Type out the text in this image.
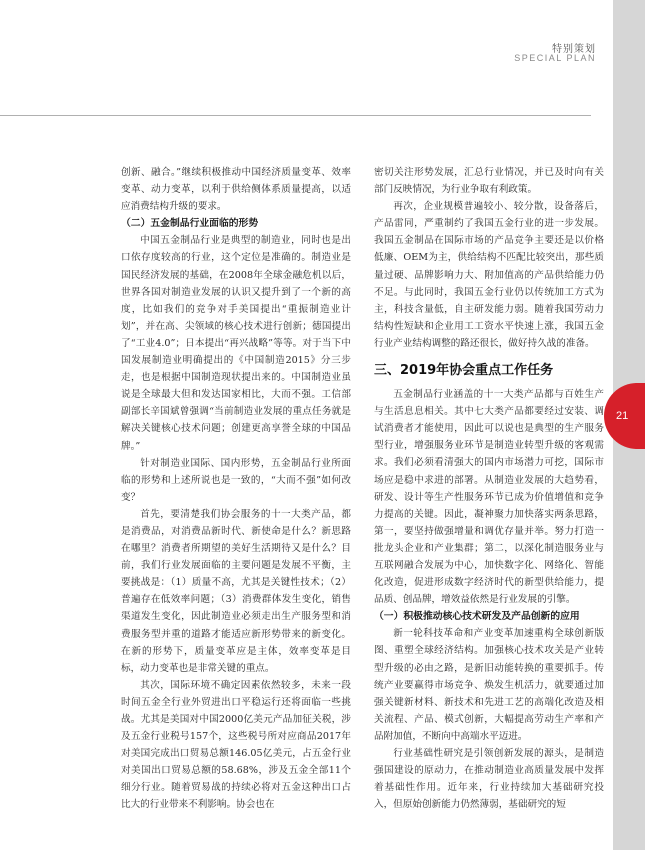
特别策划
SPECIAL PLAN
21

创新、融合。”继续积极推动中国经济质量变革、效率变革、动力变革，以利于供给侧体系质量提高，以适应消费结构升级的要求。

（二）五金制品行业面临的形势

中国五金制品行业是典型的制造业，同时也是出口依存度较高的行业，这个定位是准确的。制造业是国民经济发展的基础，在2008年全球金融危机以后，世界各国对制造业发展的认识又提升到了一个新的高度，比如我们的竞争对手美国提出“重振制造业计划”，并在高、尖领域的核心技术进行创新；德国提出了“工业4.0”；日本提出“再兴战略”等等。对于当下中国发展制造业明确提出的《中国制造2015》分三步走，也是根据中国制造现状提出来的。中国制造业虽说是全球最大但和发达国家相比，大而不强。工信部副部长辛国斌曾强调“当前制造业发展的重点任务就是解决关键核心技术问题；创建更高享誉全球的中国品牌。”

针对制造业国际、国内形势，五金制品行业所面临的形势和上述所说也是一致的，“大而不强”如何改变？

首先，要清楚我们协会服务的十一大类产品，都是消费品，对消费品新时代、新使命是什么？新思路在哪里？消费者所期望的美好生活期待又是什么？目前，我们行业发展面临的主要问题是发展不平衡，主要挑战是：（1）质量不高，尤其是关键性技术；（2）普遍存在低效率问题；（3）消费群体发生变化，销售渠道发生变化，因此制造业必须走出生产服务型和消费服务型并重的道路才能适应新形势带来的新变化。在新的形势下，质量变革应是主体，效率变革是目标，动力变革也是非常关键的重点。

其次，国际环境不确定因素依然较多，未来一段时间五金全行业外贸进出口平稳运行还将面临一些挑战。尤其是美国对中国2000亿美元产品加征关税，涉及五金行业税号157个，这些税号所对应商品2017年对美国完成出口贸易总额146.05亿美元，占五金行业对美国出口贸易总额的58.68%，涉及五金全部11个细分行业。随着贸易战的持续必将对五金这种出口占比大的行业带来不利影响。协会也在

密切关注形势发展，汇总行业情况，并已及时向有关部门反映情况，为行业争取有利政策。

再次，企业规模普遍较小、较分散，设备落后，产品雷同，严重制约了我国五金行业的进一步发展。我国五金制品在国际市场的产品竞争主要还是以价格低廉、OEM为主，供给结构不匹配比较突出，那些质量过硬、品牌影响力大、附加值高的产品供给能力仍不足。与此同时，我国五金行业仍以传统加工方式为主，科技含量低，自主研发能力弱。随着我国劳动力结构性短缺和企业用工工资水平快速上涨，我国五金行业产业结构调整的路还很长，做好持久战的准备。

三、2019年协会重点工作任务

五金制品行业涵盖的十一大类产品都与百姓生产与生活息息相关。其中七大类产品都要经过安装、调试消费者才能使用，因此可以说也是典型的生产服务型行业，增强服务业环节是制造业转型升级的客观需求。我们必须看清强大的国内市场潜力可挖，国际市场应是稳中求进的部署。从制造业发展的大趋势看，研发、设计等生产性服务环节已成为价值增值和竞争力提高的关键。因此，凝神聚力加快落实两条思路，第一，要坚持做强增量和调优存量并举。努力打造一批龙头企业和产业集群；第二，以深化制造服务业与互联网融合发展为中心，加快数字化、网络化、智能化改造，促进形成数字经济时代的新型供给能力，提品质、创品牌，增效益依然是行业发展的引擎。

（一）积极推动核心技术研发及产品创新的应用

新一轮科技革命和产业变革加速重构全球创新版图、重塑全球经济结构。加强核心技术攻关是产业转型升级的必由之路，是新旧动能转换的重要抓手。传统产业要赢得市场竞争、焕发生机活力，就要通过加强关键新材料、新技术和先进工艺的高端化改造及相关流程、产品、模式创新，大幅提高劳动生产率和产品附加值，不断向中高端水平迈进。

行业基础性研究是引领创新发展的源头，是制造强国建设的原动力，在推动制造业高质量发展中发挥着基础性作用。近年来，行业持续加大基础研究投入，但原始创新能力仍然薄弱，基础研究的短
